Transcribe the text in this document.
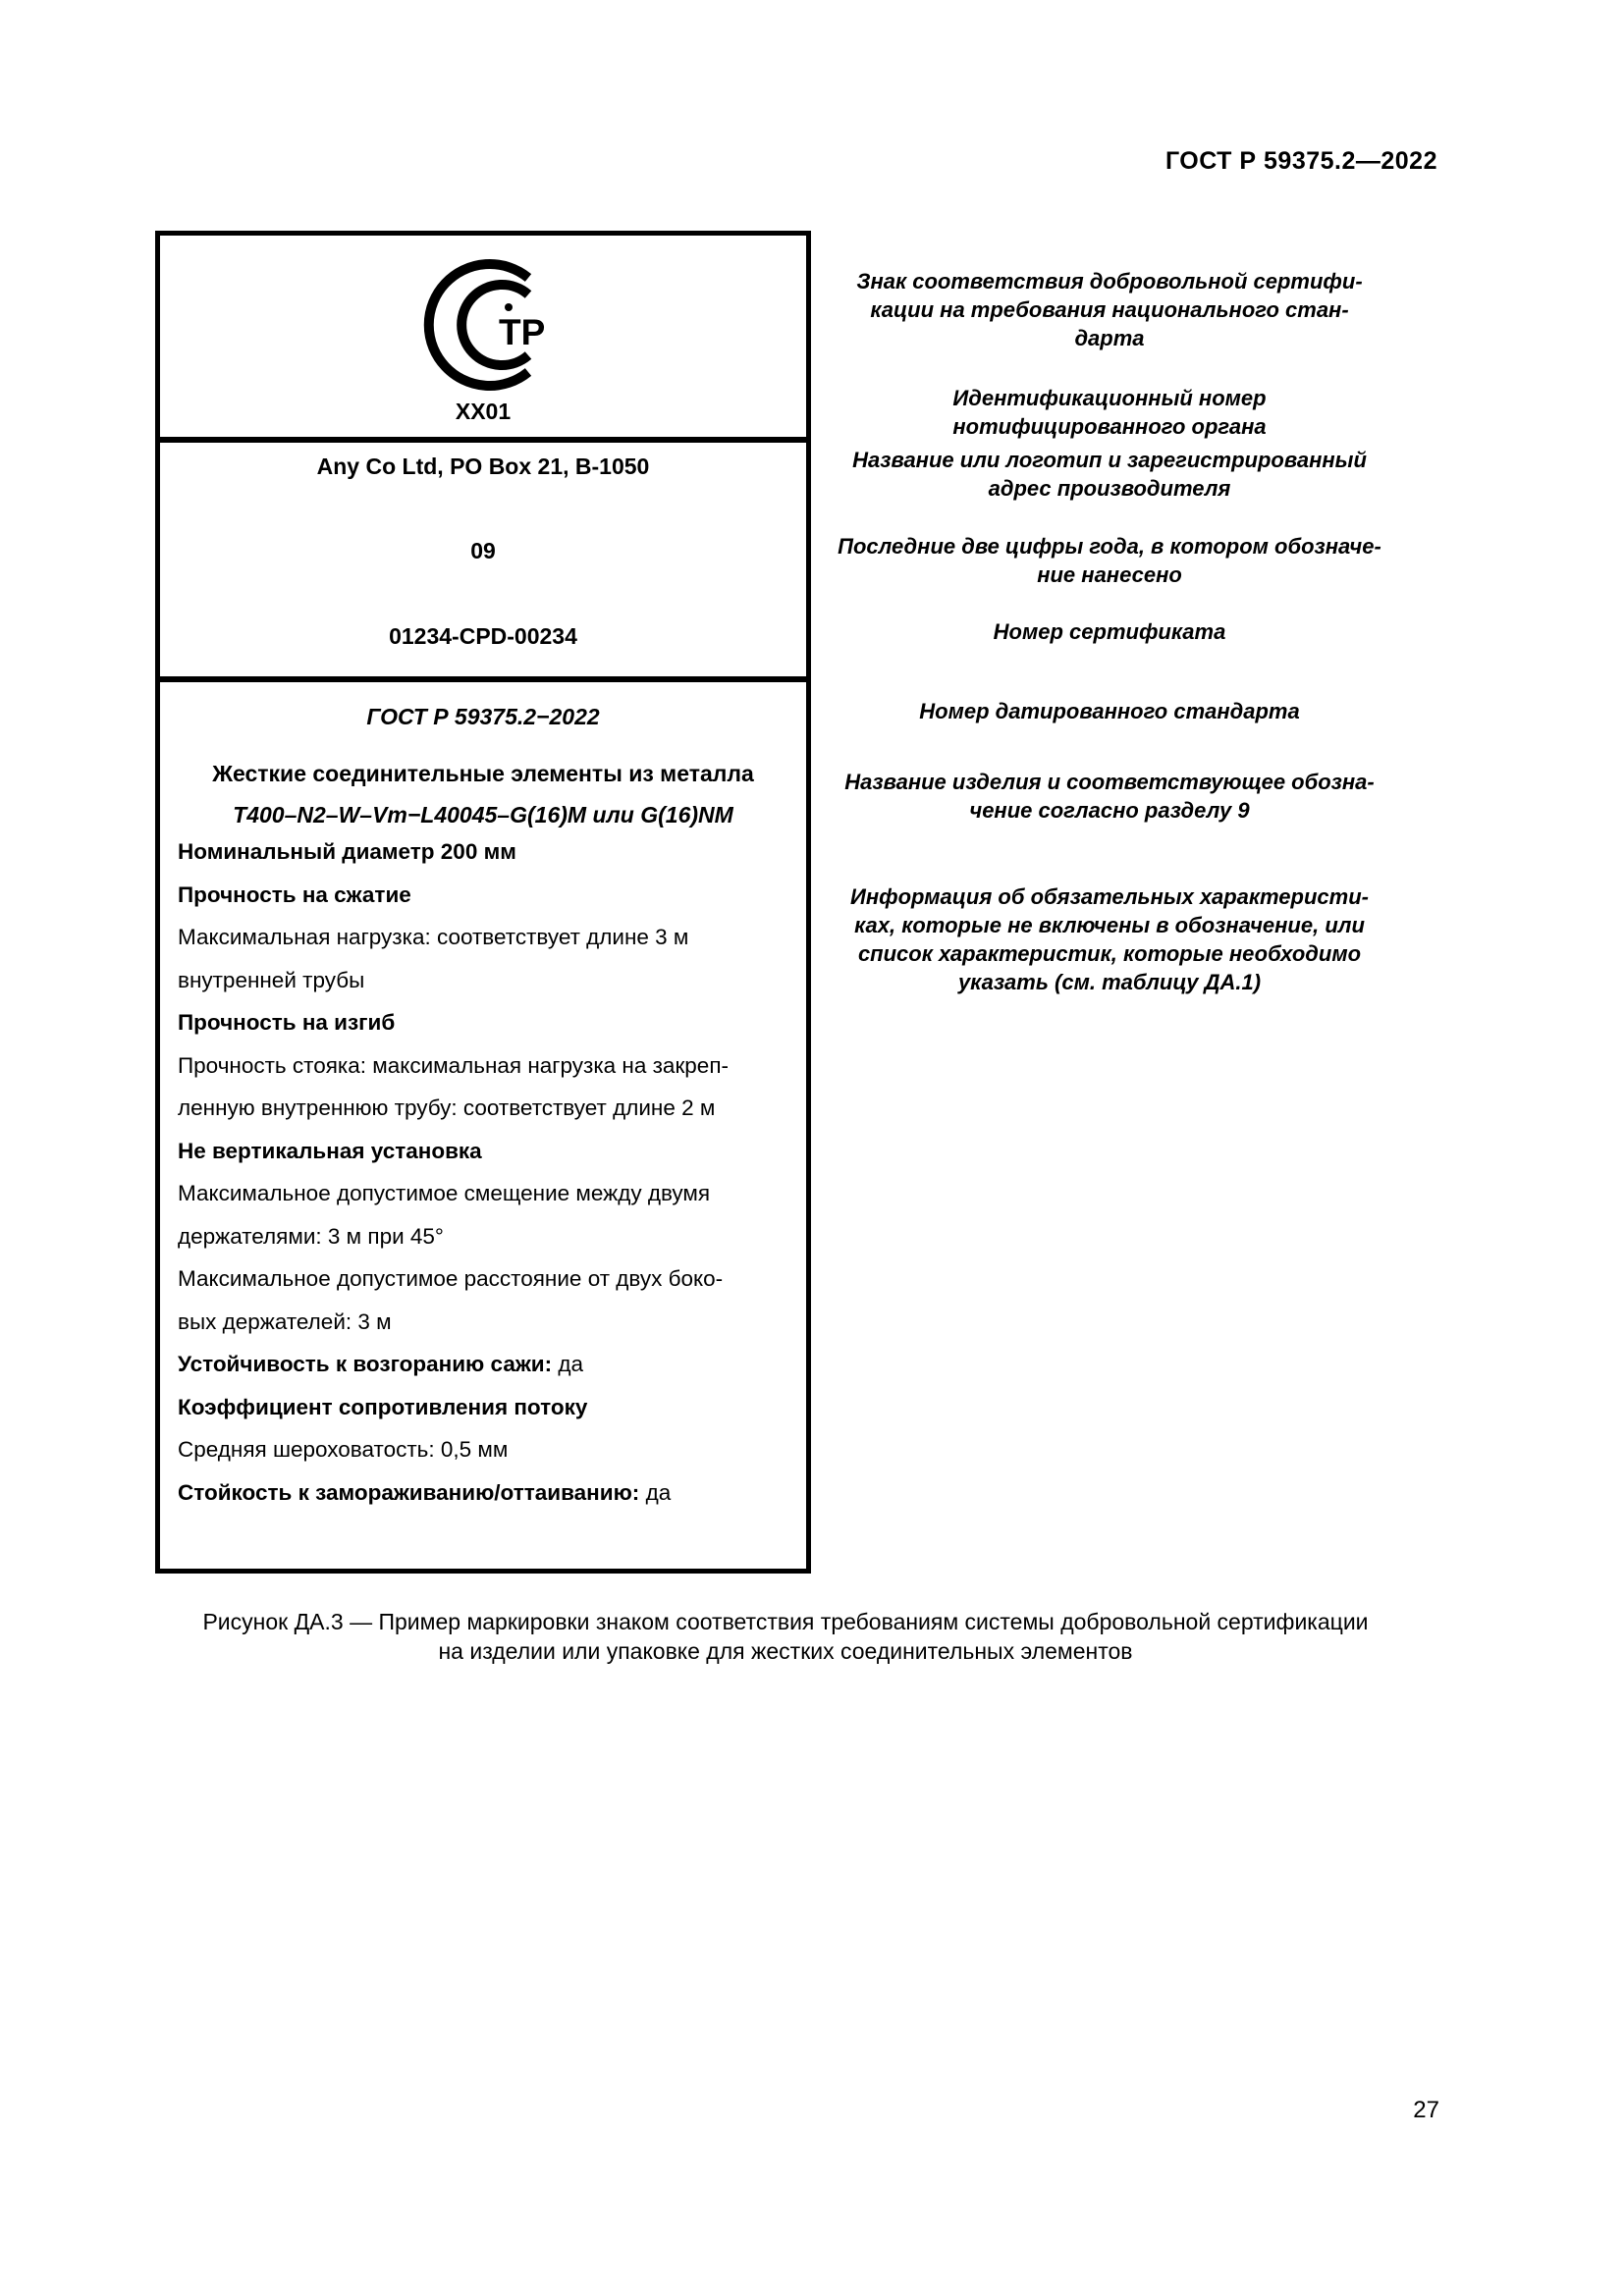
ГОСТ Р 59375.2—2022
ТР
XX01
Any Co Ltd, PO Box 21, B-1050
09
01234-CPD-00234
ГОСТ Р 59375.2−2022
Жесткие соединительные элементы из металла
T400–N2–W–Vm−L40045–G(16)M или G(16)NM
Номинальный диаметр 200 мм
Прочность на сжатие
Максимальная нагрузка: соответствует длине 3 м
внутренней трубы
Прочность на изгиб
Прочность стояка: максимальная нагрузка на закреп-
ленную внутреннюю трубу: соответствует длине 2 м
Не вертикальная установка
Максимальное допустимое смещение между двумя
держателями: 3 м при 45°
Максимальное допустимое расстояние от двух боко-
вых держателей: 3 м
Устойчивость к возгоранию сажи: да
Коэффициент сопротивления потоку
Средняя шероховатость: 0,5 мм
Стойкость к замораживанию/оттаиванию: да
Знак соответствия добровольной сертифи-
кации на требования национального стан-
дарта
Идентификационный номер
нотифицированного органа
Название или логотип и зарегистрированный
адрес производителя
Последние две цифры года, в котором обозначе-
ние нанесено
Номер сертификата
Номер датированного стандарта
Название изделия и соответствующее обозна-
чение согласно разделу 9
Информация об обязательных характеристи-
ках, которые не включены в обозначение, или
список характеристик, которые необходимо
указать (см. таблицу ДА.1)
Рисунок ДА.3 — Пример маркировки знаком соответствия требованиям системы добровольной сертификации
на изделии или упаковке для жестких соединительных элементов
27
